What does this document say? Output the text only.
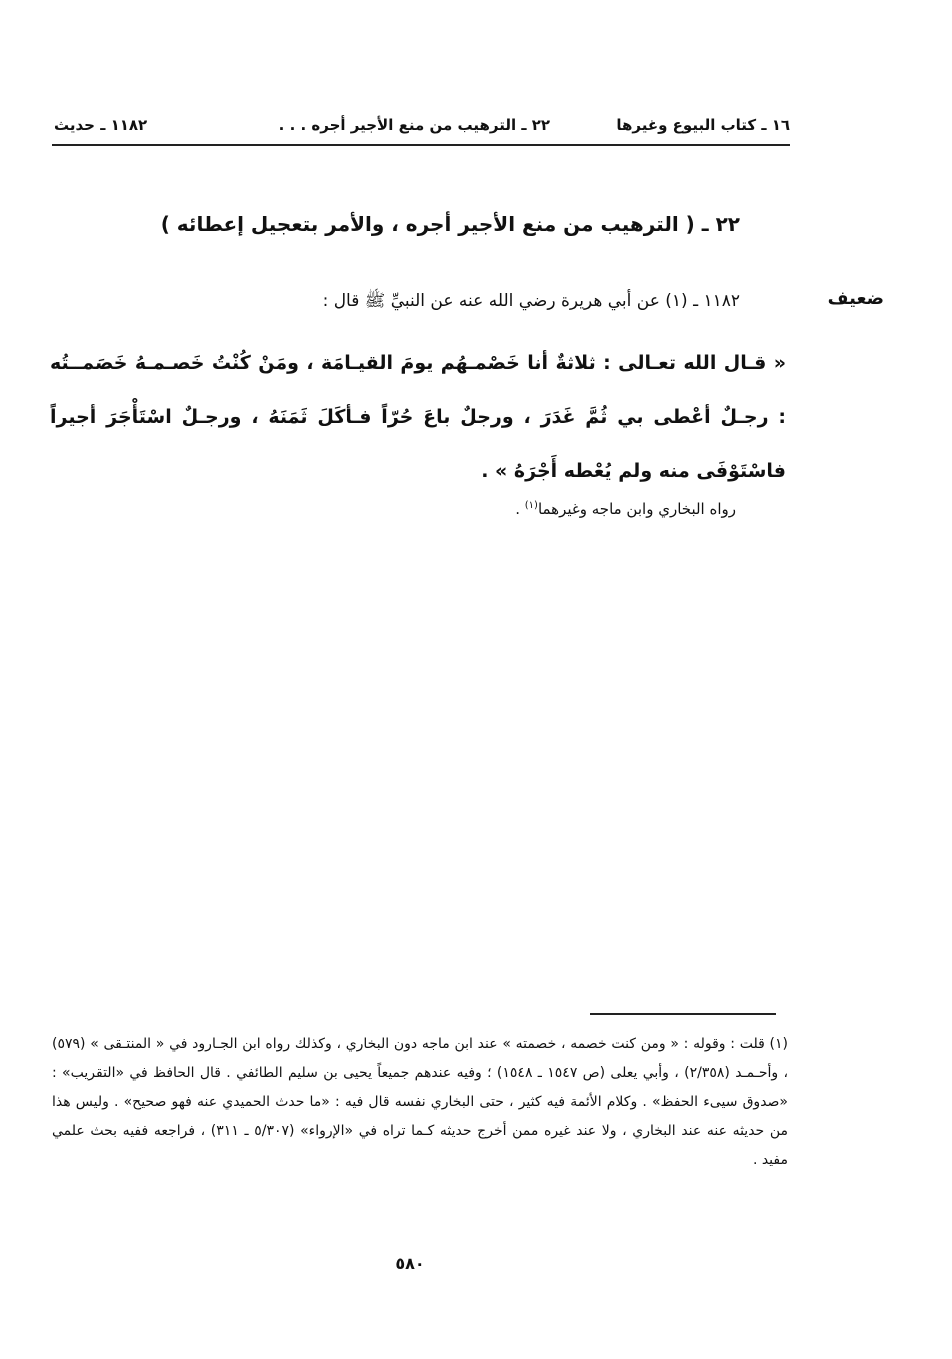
١٦ ـ كتاب البيوع وغيرها
٢٢ ـ الترهيب من منع الأجير أجره . . .
١١٨٢ ـ حديث
٢٢ ـ ( الترهيب من منع الأجير أجره ، والأمر بتعجيل إعطائه )
ضعيف
١١٨٢ ـ (١) عن أبي هريرة رضي الله عنه عن النبيِّ ﷺ قال :
« قـال الله تعـالى : ثلاثةٌ أنا خَصْمـهُم يومَ القيـامَة ، ومَنْ كُنْتُ خَصـمـهُ خَصَمــتُه : رجـلٌ أعْطى بي ثُمَّ غَدَرَ ، ورجلٌ باعَ حُرّاً فـأكَلَ ثَمَنَهُ ، ورجـلٌ اسْتَأْجَرَ أجيراً فاسْتَوْفَى منه ولم يُعْطه أَجْرَهُ » .
رواه البخاري وابن ماجه وغيرهما$^{(١)}$ .
(١) قلت : وقوله : « ومن كنت خصمه ، خصمته » عند ابن ماجه دون البخاري ، وكذلك رواه ابن الجـارود في « المنتـقى » (٥٧٩) ، وأحـمـد (٢/٣٥٨) ، وأبي يعلى (ص ١٥٤٧ ـ ١٥٤٨) ؛ وفيه عندهم جميعاً يحيى بن سليم الطائفي . قال الحافظ في «التقريب» : «صدوق سيىء الحفظ» . وكلام الأئمة فيه كثير ، حتى البخاري نفسه قال فيه : «ما حدث الحميدي عنه فهو صحيح» . وليس هذا من حديثه عنه عند البخاري ، ولا عند غيره ممن أخرج حديثه كـما تراه في «الإرواء» (٥/٣٠٧ ـ ٣١١) ، فراجعه ففيه بحث علمي مفيد .
٥٨٠
